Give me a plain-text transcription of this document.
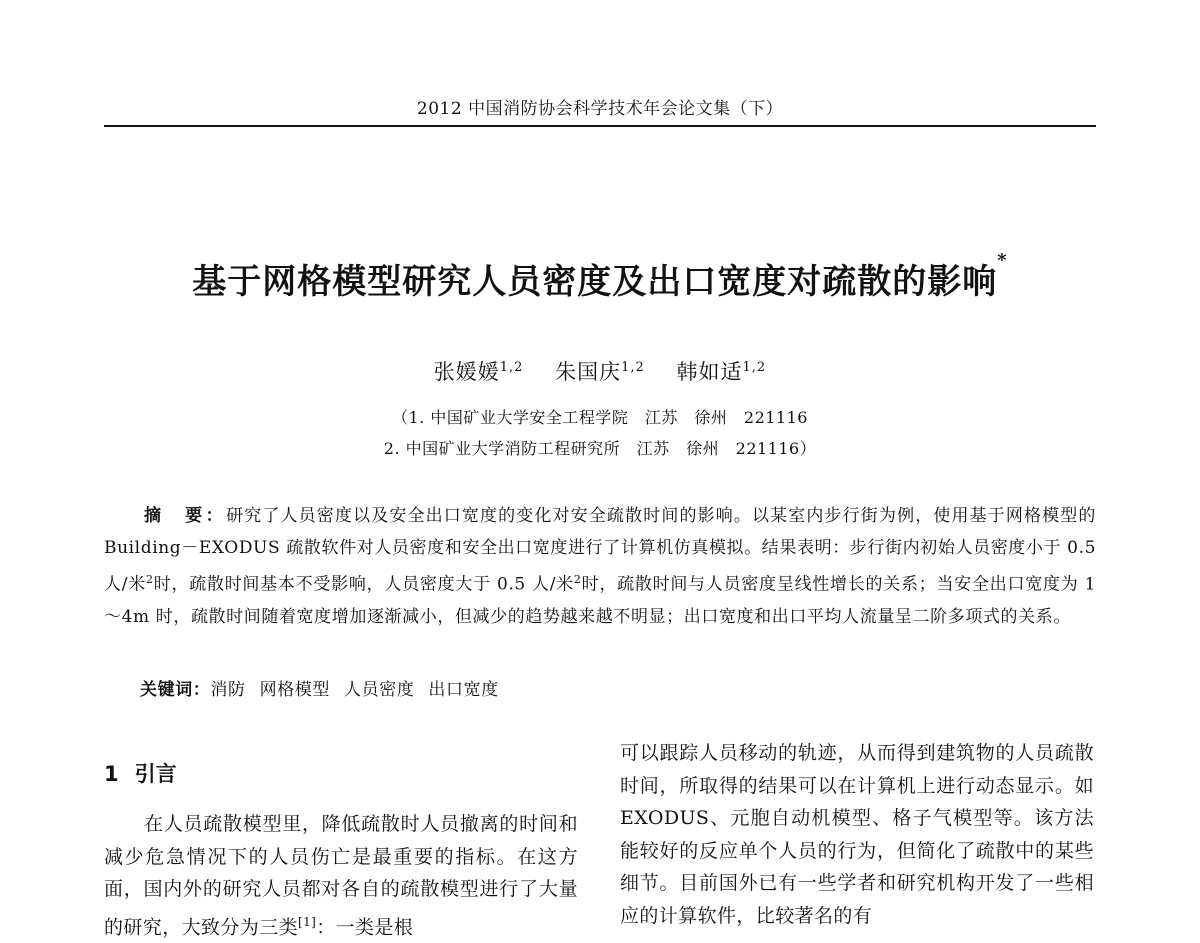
2012 中国消防协会科学技术年会论文集（下）
基于网格模型研究人员密度及出口宽度对疏散的影响*
张媛媛$^{1,2}$ 朱国庆$^{1,2}$ 韩如适$^{1,2}$
（1. 中国矿业大学安全工程学院　江苏　徐州　221116
2. 中国矿业大学消防工程研究所　江苏　徐州　221116）
摘　要：研究了人员密度以及安全出口宽度的变化对安全疏散时间的影响。以某室内步行街为例，使用基于网格模型的 Building－EXODUS 疏散软件对人员密度和安全出口宽度进行了计算机仿真模拟。结果表明：步行街内初始人员密度小于 0.5 人/米$^2$时，疏散时间基本不受影响，人员密度大于 0.5 人/米$^2$时，疏散时间与人员密度呈线性增长的关系；当安全出口宽度为 1～4m 时，疏散时间随着宽度增加逐渐减小，但减少的趋势越来越不明显；出口宽度和出口平均人流量呈二阶多项式的关系。
关键词：消防 网格模型 人员密度 出口宽度
1 引言
在人员疏散模型里，降低疏散时人员撤离的时间和减少危急情况下的人员伤亡是最重要的指标。在这方面，国内外的研究人员都对各自的疏散模型进行了大量的研究，大致分为三类[1]：一类是根
可以跟踪人员移动的轨迹，从而得到建筑物的人员疏散时间，所取得的结果可以在计算机上进行动态显示。如 EXODUS、元胞自动机模型、格子气模型等。该方法能较好的反应单个人员的行为，但简化了疏散中的某些细节。目前国外已有一些学者和研究机构开发了一些相应的计算软件，比较著名的有
